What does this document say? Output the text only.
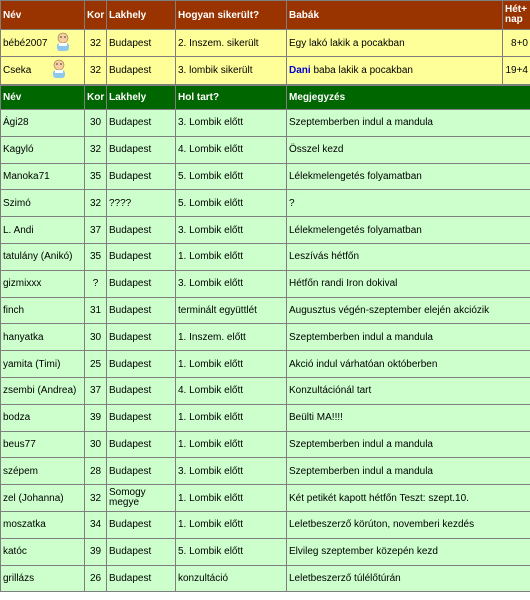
Név	Kor	Lakhely	Hogyan sikerült?	Babák	Hét+ nap
bébé2007	32	Budapest	2. Inszem. sikerült	Egy lakó lakik a pocakban	8+0
Cseka	32	Budapest	3. lombik sikerült	Dani baba lakik a pocakban	19+4
Név	Kor	Lakhely	Hol tart?	Megjegyzés
Ági28	30	Budapest	3. Lombik előtt	Szeptemberben indul a mandula
Kagyló	32	Budapest	4. Lombik előtt	Összel kezd
Manoka71	35	Budapest	5. Lombik előtt	Lélekmelengetés folyamatban
Szimó	32	????	5. Lombik előtt	?
L. Andi	37	Budapest	3. Lombik előtt	Lélekmelengetés folyamatban
tatulány (Anikó)	35	Budapest	1. Lombik előtt	Leszívás hétfőn
gizmixxx	?	Budapest	3. Lombik előtt	Hétfőn randi Iron dokival
finch	31	Budapest	terminált együttlét	Augusztus végén-szeptember elején akciózik
hanyatka	30	Budapest	1. Inszem. előtt	Szeptemberben indul a mandula
yamita (Timi)	25	Budapest	1. Lombik előtt	Akció indul várhatóan októberben
zsembi (Andrea)	37	Budapest	4. Lombik előtt	Konzultációnál tart
bodza	39	Budapest	1. Lombik előtt	Beülti MA!!!!
beus77	30	Budapest	1. Lombik előtt	Szeptemberben indul a mandula
szépem	28	Budapest	3. Lombik előtt	Szeptemberben indul a mandula
zel (Johanna)	32	Somogy megye	1. Lombik előtt	Két petikét kapott hétfőn Teszt: szept.10.
moszatka	34	Budapest	1. Lombik előtt	Leletbeszerző körúton, novemberi kezdés
katóc	39	Budapest	5. Lombik előtt	Elvileg szeptember közepén kezd
grillázs	26	Budapest	konzultáció	Leletbeszerző túlélőtúrán
